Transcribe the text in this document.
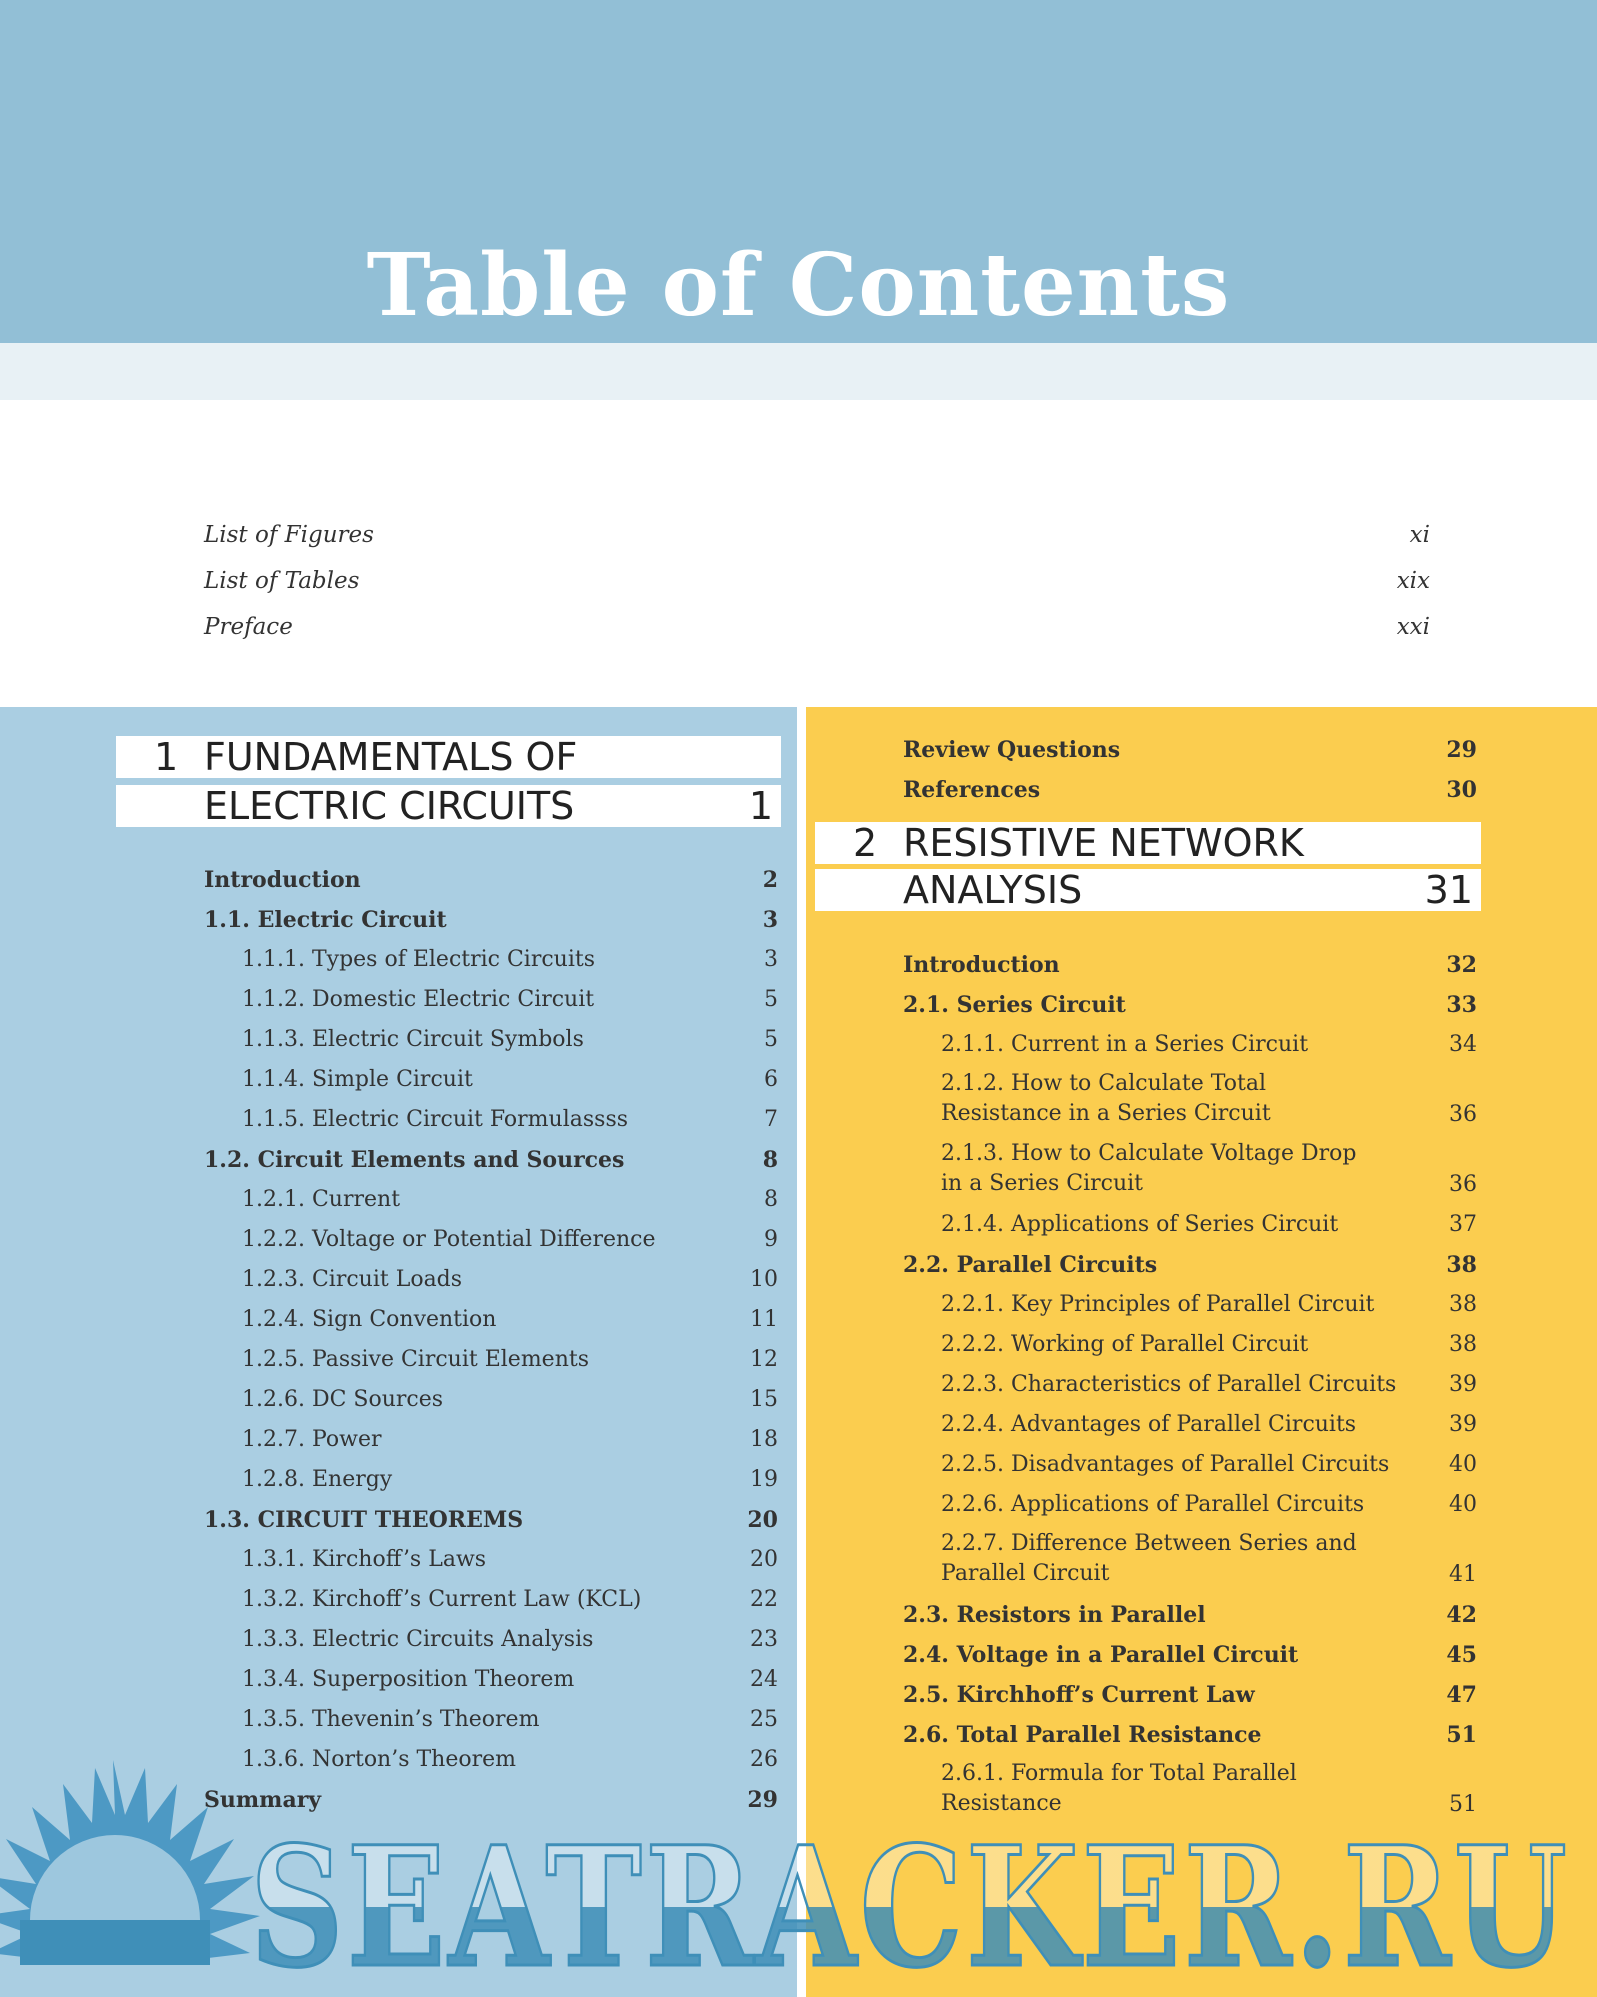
Table of Contents
List of Figures	xi
List of Tables	xix
Preface	xxi
1 FUNDAMENTALS OF
ELECTRIC CIRCUITS	1
Introduction	2
1.1. Electric Circuit	3
1.1.1. Types of Electric Circuits	3
1.1.2. Domestic Electric Circuit	5
1.1.3. Electric Circuit Symbols	5
1.1.4. Simple Circuit	6
1.1.5. Electric Circuit Formulassss	7
1.2. Circuit Elements and Sources	8
1.2.1. Current	8
1.2.2. Voltage or Potential Difference	9
1.2.3. Circuit Loads	10
1.2.4. Sign Convention	11
1.2.5. Passive Circuit Elements	12
1.2.6. DC Sources	15
1.2.7. Power	18
1.2.8. Energy	19
1.3. CIRCUIT THEOREMS	20
1.3.1. Kirchoff’s Laws	20
1.3.2. Kirchoff’s Current Law (KCL)	22
1.3.3. Electric Circuits Analysis	23
1.3.4. Superposition Theorem	24
1.3.5. Thevenin’s Theorem	25
1.3.6. Norton’s Theorem	26
Summary	29
Review Questions	29
References	30
2 RESISTIVE NETWORK
ANALYSIS	31
Introduction	32
2.1. Series Circuit	33
2.1.1. Current in a Series Circuit	34
2.1.2. How to Calculate Total
Resistance in a Series Circuit	36
2.1.3. How to Calculate Voltage Drop
in a Series Circuit	36
2.1.4. Applications of Series Circuit	37
2.2. Parallel Circuits	38
2.2.1. Key Principles of Parallel Circuit	38
2.2.2. Working of Parallel Circuit	38
2.2.3. Characteristics of Parallel Circuits 39
2.2.4. Advantages of Parallel Circuits	39
2.2.5. Disadvantages of Parallel Circuits	40
2.2.6. Applications of Parallel Circuits	40
2.2.7. Difference Between Series and
Parallel Circuit	41
2.3. Resistors in Parallel	42
2.4. Voltage in a Parallel Circuit	45
2.5. Kirchhoff’s Current Law	47
2.6. Total Parallel Resistance	51
2.6.1. Formula for Total Parallel
Resistance	51
SEATRACKER.RU
